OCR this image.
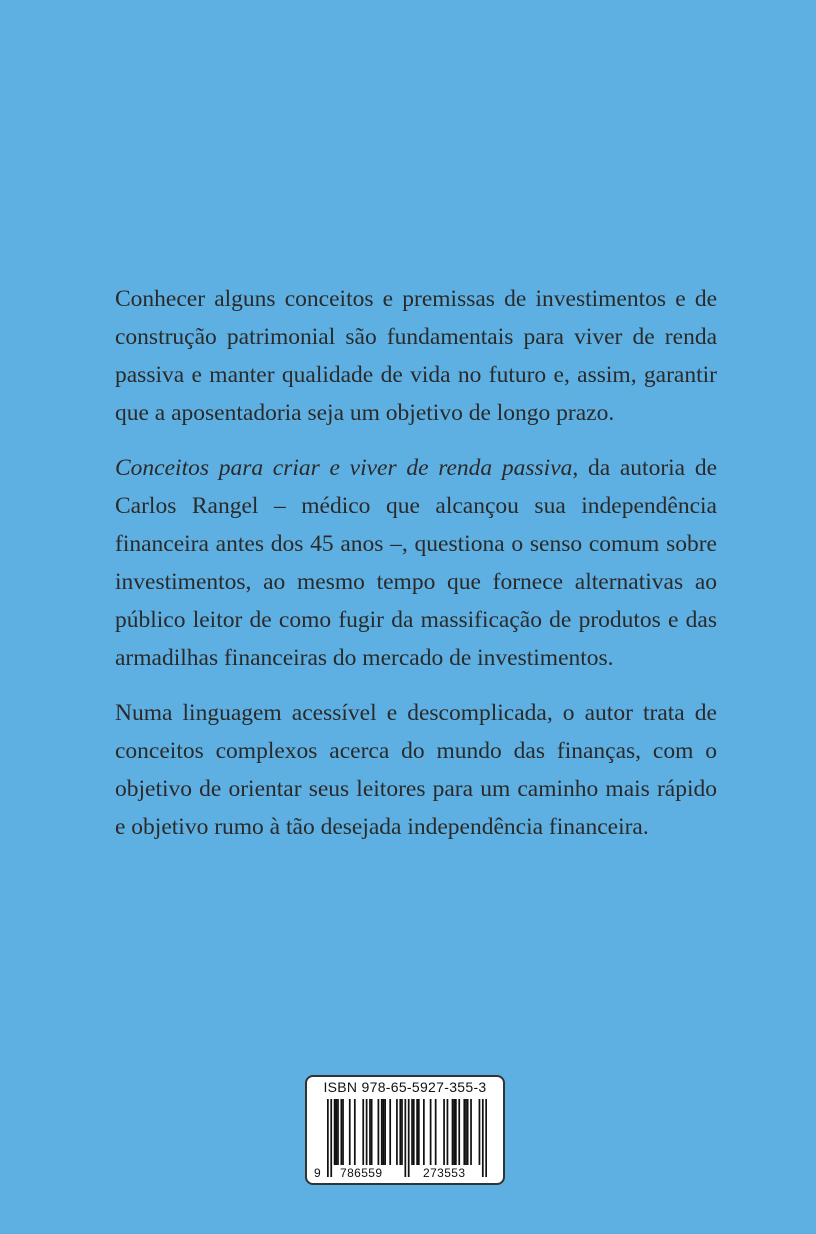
Conhecer alguns conceitos e premissas de investimentos e de construção patrimonial são fundamentais para viver de renda passiva e manter qualidade de vida no futuro e, assim, garantir que a aposentadoria seja um objetivo de longo prazo.

Conceitos para criar e viver de renda passiva, da autoria de Carlos Rangel – médico que alcançou sua independência financeira antes dos 45 anos –, questiona o senso comum sobre investimentos, ao mesmo tempo que fornece alternativas ao público leitor de como fugir da massificação de produtos e das armadilhas financeiras do mercado de investimentos.

Numa linguagem acessível e descomplicada, o autor trata de conceitos complexos acerca do mundo das finanças, com o objetivo de orientar seus leitores para um caminho mais rápido e objetivo rumo à tão desejada independência financeira.

ISBN 978-65-5927-355-3
9 786559	273553
